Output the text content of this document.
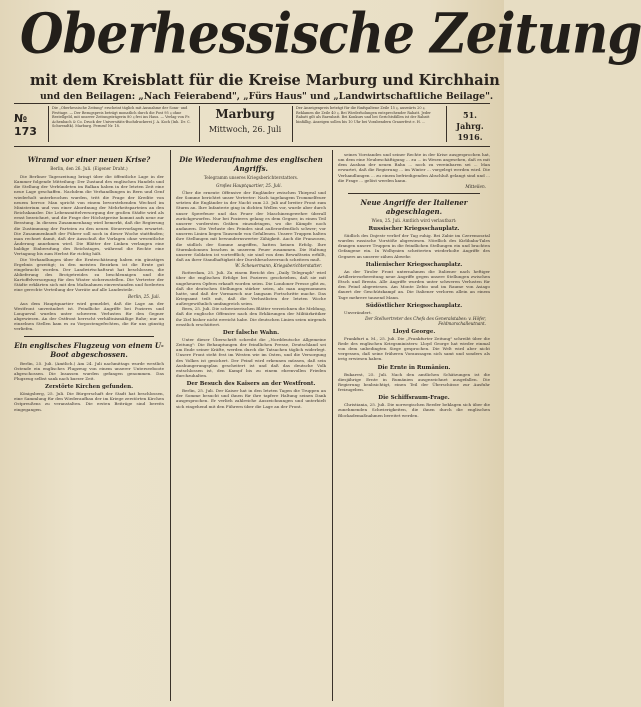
Oberhessische Zeitung
mit dem Kreisblatt für die Kreise Marburg und Kirchhain
und den Beilagen: „Nach Feierabend", „Fürs Haus" und „Landwirtschaftliche Beilage".
№ 173
Die „Oberhessische Zeitung" erscheint täglich mit Ausnahme der Sonn- und Festtage. — Der Bezugspreis beträgt monatlich durch die Post 95 ₰ ohne Bestellgeld, mit unserer Zeitungsträgerin 80 ₰ frei ins Haus. — Verlag von Fr. Achenbach & Co. Druck der Universitäts-Buchdruckerei J. A. Koch (Inh. Dr. C. Schwendtk). Marburg. Fernruf Nr. 18.
Marburg
Mittwoch, 26. Juli
Der Anzeigenpreis beträgt für die fünfspaltene Zeile 15 ₰, auswärts 20 ₰. Reklamen die Zeile 40 ₰. Bei Wiederholungen entsprechender Rabatt. Jeder Rabatt gilt als Barrabatt. Bei Konkurs und bei Gerichtsfällen ist der Rabatt hinfällig. Anzeigen sollen bis 10 Uhr bei Vorabendern Grauerfest e. H. ...
51. Jahrg.
1916.
Wiramd vor einer neuen Krise?
Berlin, den 26. Juli. (Eigener Draht.)

Die Berliner Tageszeitung bringt über die öffentliche Lage in der Kammer folgende Mitteilung: Der Zustand des englischen Handels und die Stellung der Verbündeten im Balkan haben in der letzten Zeit eine neue Lage geschaffen. Nachdem die Verhandlungen in Bern und Genf wiederholt unterbrochen wurden, tritt die Frage der Kredite von neuem hervor. Man spricht von einem bevorstehenden Wechsel im Ministerium und von einer Abordnung der Mehrheitsparteien an den Reichskanzler. Die Lebensmittelversorgung der großen Städte wird als ernst bezeichnet, und die Frage der Höchstpreise kommt aufs neue zur Beratung. In diesem Zusammenhang wird bemerkt, daß die Regierung die Zustimmung der Parteien zu den neuen Steuervorlagen erwartet. Die Zusammenkunft der Führer soll noch in dieser Woche stattfinden; man rechnet damit, daß der Ausschuß die Vorlagen ohne wesentliche Änderung annehmen wird. Die Blätter der Linken verlangen eine baldige Einberufung des Reichstages, während die Rechte eine Vertagung bis zum Herbst für richtig hält.

Die Verhandlungen über die Ernteschätzung haben ein günstiges Ergebnis gezeitigt; in den meisten Bezirken ist die Ernte gut eingebracht worden. Der Landwirtschaftsrat hat beschlossen, die Ablieferung des Brotgetreides zu beschleunigen und die Kartoffelversorgung für den Winter sicherzustellen. Die Vertreter der Städte erklärten sich mit den Maßnahmen einverstanden und forderten eine gerechte Verteilung der Vorräte auf alle Landesteile.

Berlin, 25. Juli.

Aus dem Hauptquartier wird gemeldet, daß die Lage an der Westfront unverändert ist. Feindliche Angriffe bei Pozieres und Longueval wurden unter schweren Verlusten für den Gegner abgewiesen. An der Ostfront herrscht verhältnismäßige Ruhe; nur an einzelnen Stellen kam es zu Vorpostengefechten, die für uns günstig verliefen.

Ein englisches Flugzeug von einem U-Boot abgeschossen.

Berlin, 25. Juli. (Amtlich.) Am 24. Juli nachmittags wurde westlich Ostende ein englisches Flugzeug von einem unserer Unterseeboote abgeschossen. Die Insassen wurden gefangen genommen. Das Flugzeug selbst sank nach kurzer Zeit.

Zerstörte Kirchen gefunden.

Königsberg, 25. Juli. Die Bürgerschaft der Stadt hat beschlossen, eine Sammlung für den Wiederaufbau der im Kriege zerstörten Kirchen Ostpreußens zu veranstalten. Die ersten Beiträge sind bereits eingegangen.

Die Wiederaufnahme des englischen Angriffs.
Telegramm unseres Kriegsberichterstatters.
Großes Hauptquartier, 25. Juli.

Über die erneute Offensive der Engländer zwischen Thiepval und der Somme berichtet unser Vertreter: Nach tagelangem Trommelfeuer setzten die Engländer in der Nacht zum 23. Juli auf breiter Front zum Sturm an. Ihre Infanterie ging in dichten Wellen vor, wurde aber durch unser Sperrfeuer und das Feuer der Maschinengewehre überall zurückgeworfen. Nur bei Pozieres gelang es dem Gegner, in einen Teil unserer vordersten Gräben einzudringen, wo die Kämpfe noch andauern. Die Verluste des Feindes sind außerordentlich schwer; vor unseren Linien liegen Tausende von Gefallenen. Unsere Truppen halten ihre Stellungen mit bewundernswerter Zähigkeit. Auch die Franzosen, die südlich der Somme angriffen, hatten keinen Erfolg. Ihre Sturmkolonnen brachen in unserem Feuer zusammen. Die Haltung unserer Soldaten ist vortrefflich; sie sind von dem Bewußtsein erfüllt, daß an ihrer Standhaftigkeit der Durchbruchsversuch scheitern muß.

W. Scheuermann, Kriegsberichterstatter.

Rotterdam, 25. Juli. Zu einem Bericht des „Daily Telegraph" wird über die englischen Erfolge bei Pozieres geschrieben, daß sie mit ungeheuren Opfern erkauft worden seien. Die Londoner Presse gibt zu, daß die deutschen Stellungen stärker seien, als man angenommen hatte, und daß der Vormarsch nur langsam Fortschritte mache. Das Kriegsamt teilt mit, daß die Verlustlisten der letzten Woche außergewöhnlich umfangreich seien.

Bern, 25. Juli. Die schweizerischen Blätter verzeichnen die Meldung, daß die englische Offensive nach den Erklärungen der Militärkritiker ihr Ziel bisher nicht erreicht habe. Die deutschen Linien seien nirgends ernstlich erschüttert.

Der falsche Wahn.

Unter dieser Überschrift schreibt die „Norddeutsche Allgemeine Zeitung": Die Behauptungen der feindlichen Presse, Deutschland sei am Ende seiner Kräfte, werden durch die Tatsachen täglich widerlegt. Unsere Front steht fest im Westen wie im Osten, und die Versorgung des Volkes ist gesichert. Der Feind wird erkennen müssen, daß sein Aushungerungsplan gescheitert ist und daß das deutsche Volk entschlossen ist, den Kampf bis zu einem ehrenvollen Frieden durchzuhalten.

Der Besuch des Kaisers an der Westfront.

Berlin, 25. Juli. Der Kaiser hat in den letzten Tagen die Truppen an der Somme besucht und ihnen für ihre tapfere Haltung seinen Dank ausgesprochen. Er verlieh zahlreiche Auszeichnungen und unterhielt sich eingehend mit den Führern über die Lage an der Front.

seines Vorstandes und seiner Rechte in der Krise ausgesprochen hat, um dem eine Neubeschäftigung ... zu ... in Wesen angesehen, daß es mit dem Ausbau der neuen Bahn ... noch zu vereinbaren sei ... Man erwartet, daß die Regierung ... im Winter ... vorgelegt werden wird. Die Verhandlungen ... zu einem befriedigenden Abschluß gelangt sind und ... die Frage ... gelöst werden kann.

Mitteilen.
Neue Angriffe der Italiener abgeschlagen.
Wien, 25. Juli. Amtlich wird verlautbart:
Russischer Kriegsschauplatz.

Südlich des Dnjestr verlief der Tag ruhig. Bei Zabie im Czeremosztal wurden russische Vorstöße abgewiesen. Nördlich des Kirlibaba-Tales drangen unsere Truppen in die feindlichen Stellungen ein und brachten Gefangene ein. In Wolhynien scheiterten wiederholte Angriffe des Gegners an unserer zähen Abwehr.

Italienischer Kriegsschauplatz.

An der Tiroler Front unternahmen die Italiener nach heftiger Artillerievorbereitung neue Angriffe gegen unsere Stellungen zwischen Etsch und Brenta. Alle Angriffe wurden unter schweren Verlusten für den Feind abgewiesen. Am Monte Zebio und im Raume von Asiago dauert der Geschützkampf an. Die Italiener verloren allein an einem Tage mehrere tausend Mann.

Südöstlicher Kriegsschauplatz.

Unverändert.

Der Stellvertreter des Chefs des Generalstabes: v. Höfer, Feldmarschalleutnant.
Lloyd George.

Frankfurt a. M., 25. Juli. Die „Frankfurter Zeitung" schreibt über die Rede des englischen Kriegsministers: Lloyd George hat wieder einmal von dem unbedingten Siege gesprochen. Die Welt wird aber nicht vergessen, daß seine früheren Voraussagen sich samt und sonders als irrig erwiesen haben.

Die Ernte in Rumänien.

Bukarest, 25. Juli. Nach den amtlichen Schätzungen ist die diesjährige Ernte in Rumänien ausgezeichnet ausgefallen. Die Regierung beabsichtigt, einen Teil der Überschüsse zur Ausfuhr freizugeben.

Die Schiffsraum-Frage.

Christiania, 25. Juli. Die norwegischen Reeder beklagen sich über die zunehmenden Schwierigkeiten, die ihnen durch die englischen Blockademaßnahmen bereitet werden.
